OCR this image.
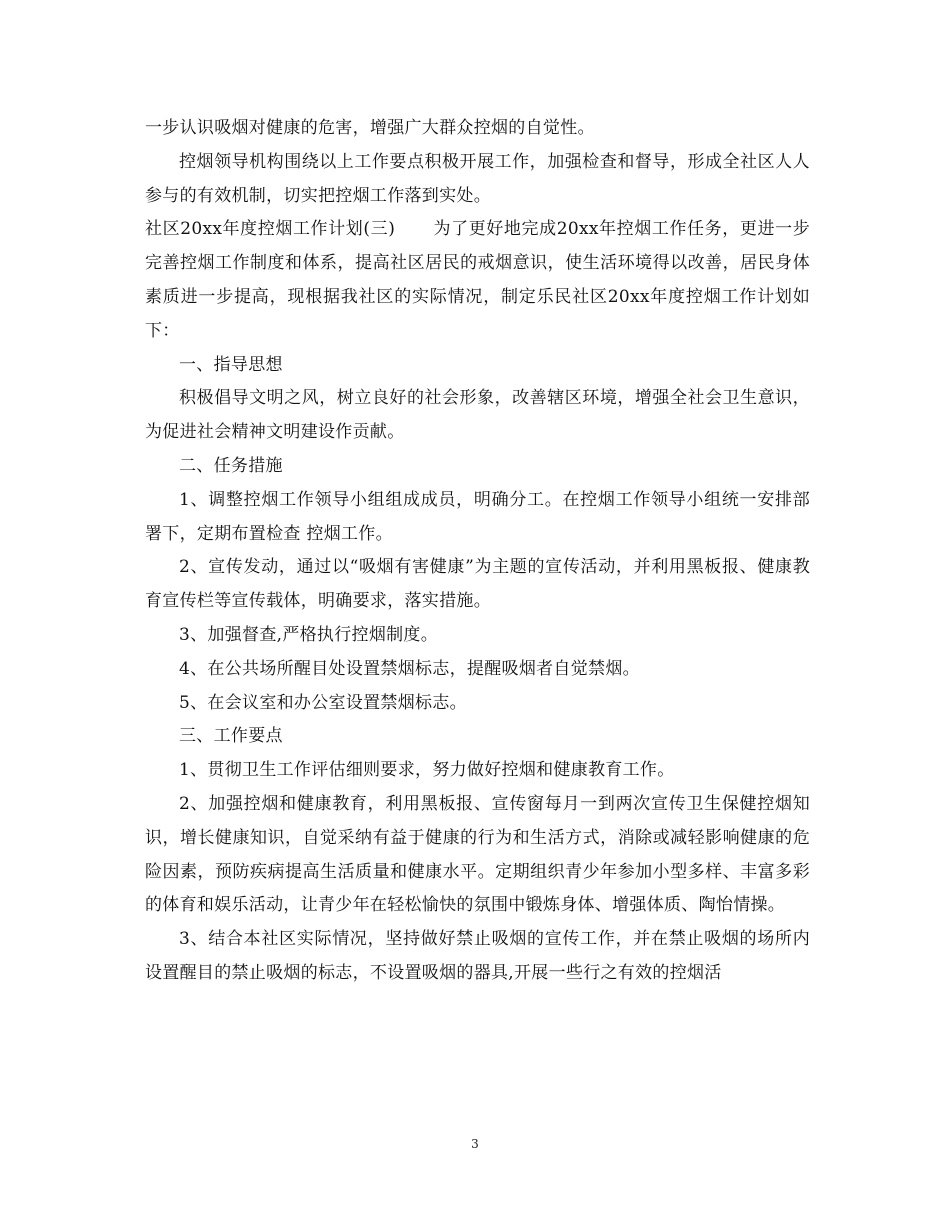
一步认识吸烟对健康的危害，增强广大群众控烟的自觉性。

控烟领导机构围绕以上工作要点积极开展工作，加强检查和督导，形成全社区人人参与的有效机制，切实把控烟工作落到实处。

社区20xx年度控烟工作计划(三) 为了更好地完成20xx年控烟工作任务，更进一步完善控烟工作制度和体系，提高社区居民的戒烟意识，使生活环境得以改善，居民身体素质进一步提高，现根据我社区的实际情况，制定乐民社区20xx年度控烟工作计划如下：

一、指导思想

积极倡导文明之风，树立良好的社会形象，改善辖区环境，增强全社会卫生意识，为促进社会精神文明建设作贡献。

二、任务措施

1、调整控烟工作领导小组组成成员，明确分工。在控烟工作领导小组统一安排部署下，定期布置检查 控烟工作。

2、宣传发动，通过以“吸烟有害健康”为主题的宣传活动，并利用黑板报、健康教育宣传栏等宣传载体，明确要求，落实措施。

3、加强督查,严格执行控烟制度。

4、在公共场所醒目处设置禁烟标志，提醒吸烟者自觉禁烟。

5、在会议室和办公室设置禁烟标志。

三、工作要点

1、贯彻卫生工作评估细则要求，努力做好控烟和健康教育工作。

2、加强控烟和健康教育，利用黑板报、宣传窗每月一到两次宣传卫生保健控烟知识，增长健康知识，自觉采纳有益于健康的行为和生活方式，消除或减轻影响健康的危险因素，预防疾病提高生活质量和健康水平。定期组织青少年参加小型多样、丰富多彩的体育和娱乐活动，让青少年在轻松愉快的氛围中锻炼身体、增强体质、陶怡情操。

3、结合本社区实际情况，坚持做好禁止吸烟的宣传工作，并在禁止吸烟的场所内设置醒目的禁止吸烟的标志，不设置吸烟的器具,开展一些行之有效的控烟活

3
